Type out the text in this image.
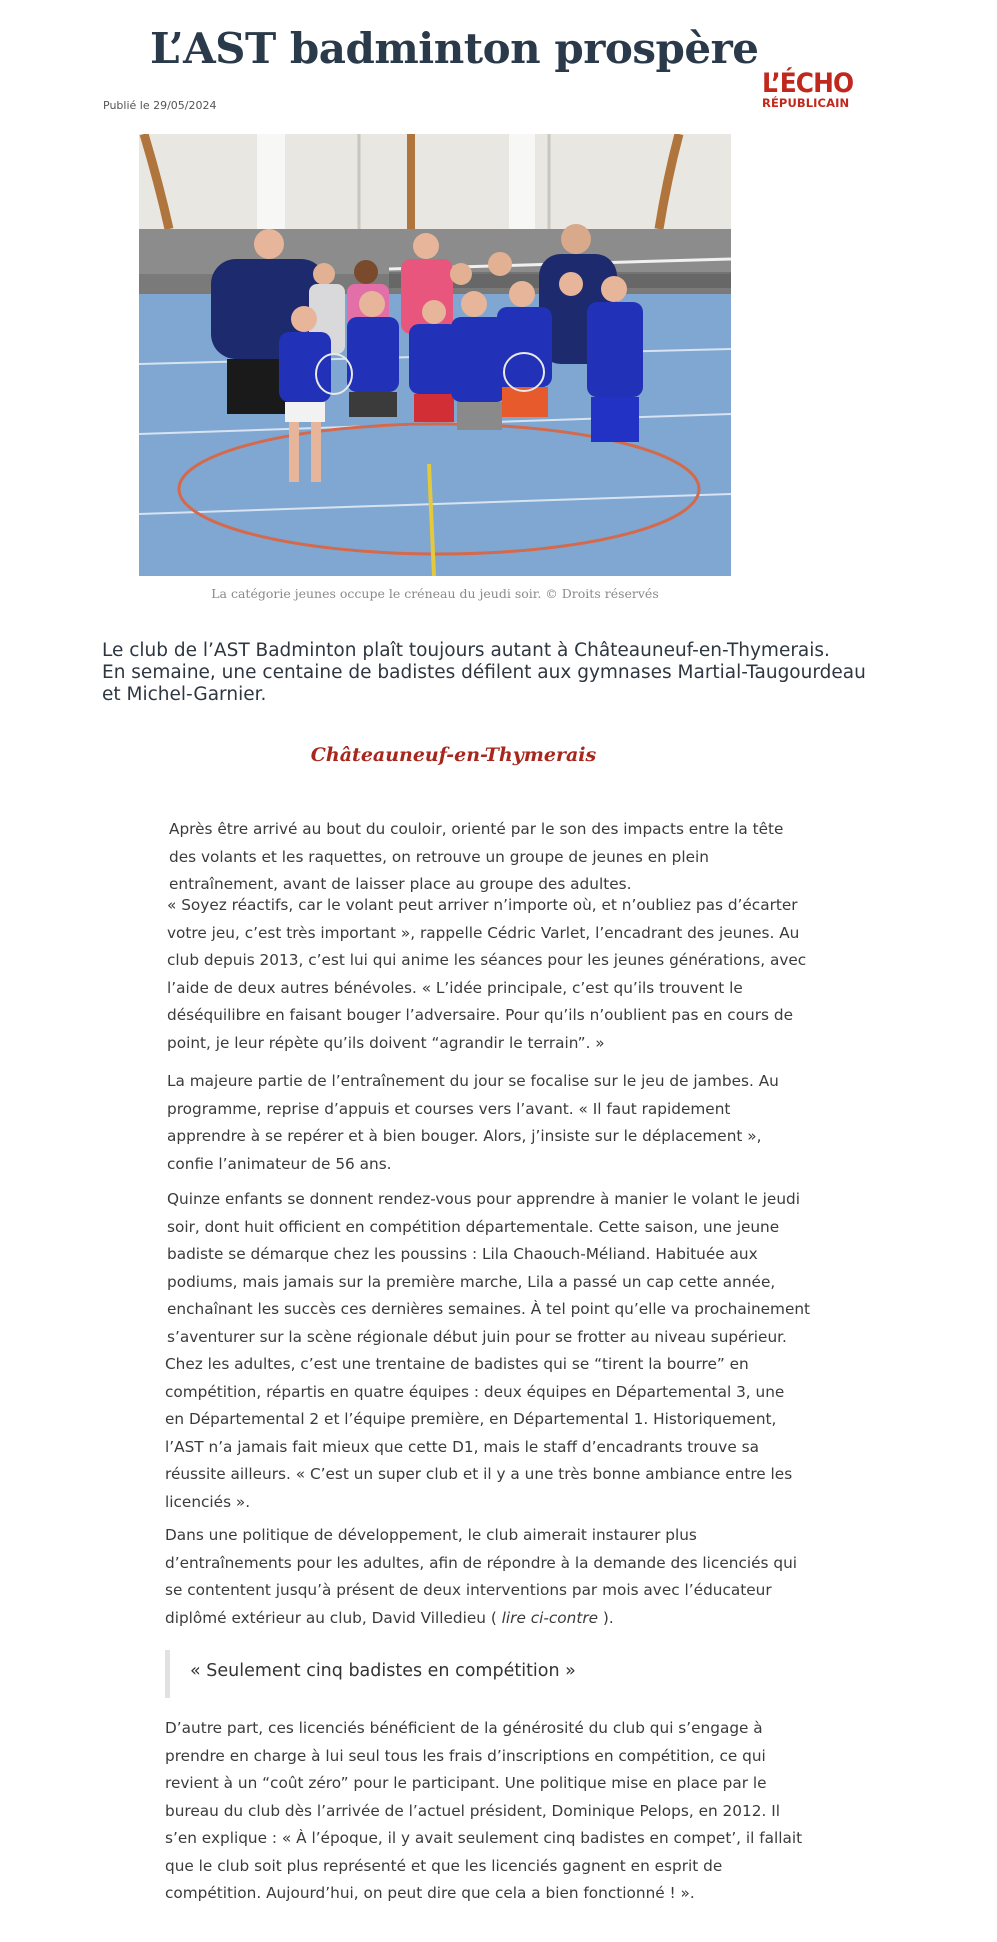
L’AST badminton prospère
Publié le 29/05/2024
L’ÉCHO
RÉPUBLICAIN
La catégorie jeunes occupe le créneau du jeudi soir. © Droits réservés

Le club de l’AST Badminton plaît toujours autant à Châteauneuf-en-Thymerais.

En semaine, une centaine de badistes défilent aux gymnases Martial-Taugourdeau

et Michel-Garnier.

Châteauneuf-en-Thymerais

Après être arrivé au bout du couloir, orienté par le son des impacts entre la tête

des volants et les raquettes, on retrouve un groupe de jeunes en plein

entraînement, avant de laisser place au groupe des adultes.

« Soyez réactifs, car le volant peut arriver n’importe où, et n’oubliez pas d’écarter

votre jeu, c’est très important », rappelle Cédric Varlet, l’encadrant des jeunes. Au

club depuis 2013, c’est lui qui anime les séances pour les jeunes générations, avec

l’aide de deux autres bénévoles. « L’idée principale, c’est qu’ils trouvent le

déséquilibre en faisant bouger l’adversaire. Pour qu’ils n’oublient pas en cours de

point, je leur répète qu’ils doivent “agrandir le terrain”. »

La majeure partie de l’entraînement du jour se focalise sur le jeu de jambes. Au

programme, reprise d’appuis et courses vers l’avant. « Il faut rapidement

apprendre à se repérer et à bien bouger. Alors, j’insiste sur le déplacement »,

confie l’animateur de 56 ans.

Quinze enfants se donnent rendez-vous pour apprendre à manier le volant le jeudi

soir, dont huit officient en compétition départementale. Cette saison, une jeune

badiste se démarque chez les poussins : Lila Chaouch-Méliand. Habituée aux

podiums, mais jamais sur la première marche, Lila a passé un cap cette année,

enchaînant les succès ces dernières semaines. À tel point qu’elle va prochainement

s’aventurer sur la scène régionale début juin pour se frotter au niveau supérieur.

Chez les adultes, c’est une trentaine de badistes qui se “tirent la bourre” en

compétition, répartis en quatre équipes : deux équipes en Départemental 3, une

en Départemental 2 et l’équipe première, en Départemental 1. Historiquement,

l’AST n’a jamais fait mieux que cette D1, mais le staff d’encadrants trouve sa

réussite ailleurs. « C’est un super club et il y a une très bonne ambiance entre les

licenciés ».

Dans une politique de développement, le club aimerait instaurer plus

d’entraînements pour les adultes, afin de répondre à la demande des licenciés qui

se contentent jusqu’à présent de deux interventions par mois avec l’éducateur

diplômé extérieur au club, David Villedieu ( lire ci-contre ).

« Seulement cinq badistes en compétition »

D’autre part, ces licenciés bénéficient de la générosité du club qui s’engage à

prendre en charge à lui seul tous les frais d’inscriptions en compétition, ce qui

revient à un “coût zéro” pour le participant. Une politique mise en place par le

bureau du club dès l’arrivée de l’actuel président, Dominique Pelops, en 2012. Il

s’en explique : « À l’époque, il y avait seulement cinq badistes en compet’, il fallait

que le club soit plus représenté et que les licenciés gagnent en esprit de

compétition. Aujourd’hui, on peut dire que cela a bien fonctionné ! ».
